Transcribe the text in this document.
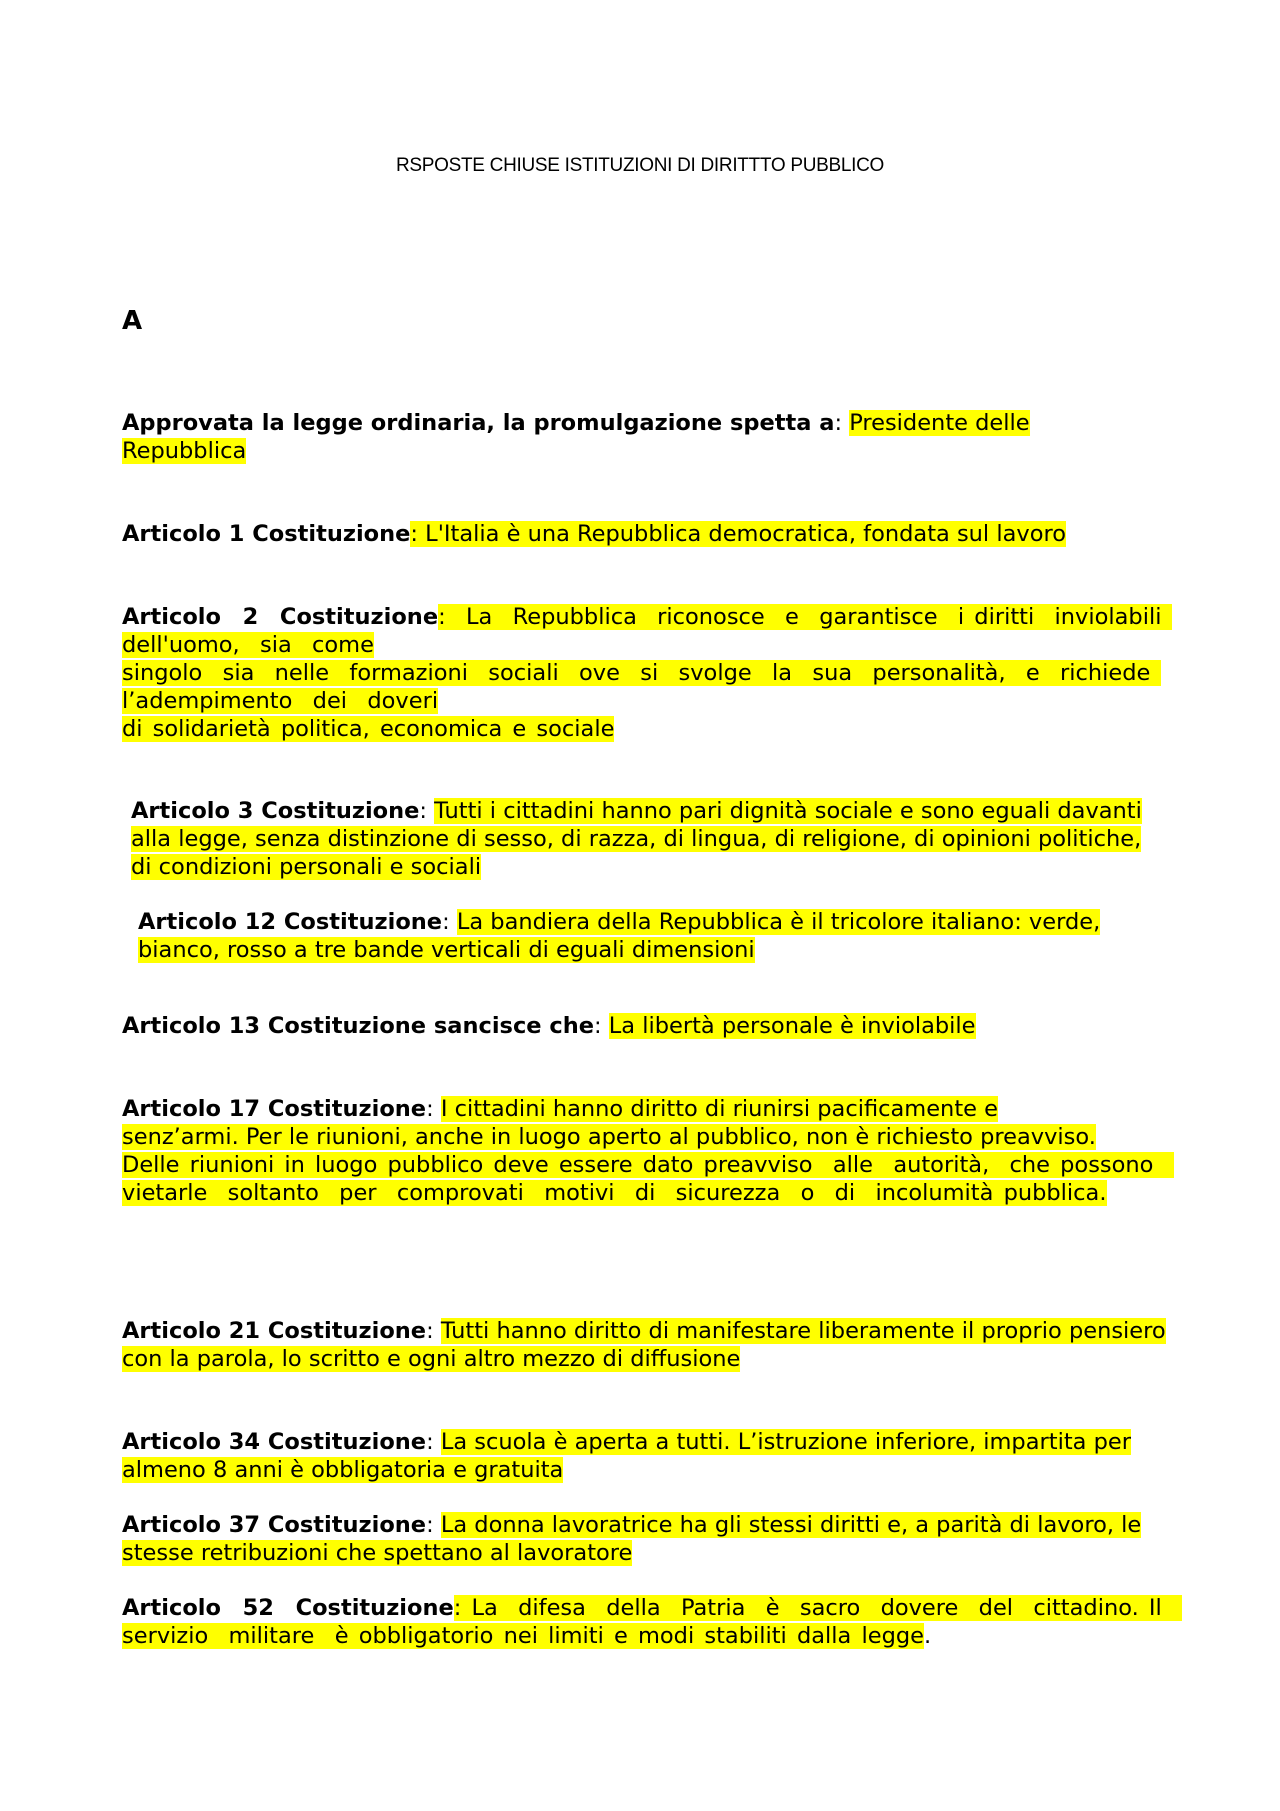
RSPOSTE CHIUSE ISTITUZIONI DI DIRITTTO PUBBLICO
A
Approvata la legge ordinaria, la promulgazione spetta a: Presidente delle
Repubblica
Articolo 1 Costituzione: L'Italia è una Repubblica democratica, fondata sul lavoro
Articolo  2  Costituzione:  La  Repubblica  riconosce  e  garantisce  i diritti  inviolabili dell'uomo,  sia  come
singolo  sia  nelle  formazioni  sociali  ove  si  svolge  la  sua  personalità,  e  richiede l’adempimento  dei  doveri
di solidarietà politica, economica e sociale
Articolo 3 Costituzione: Tutti i cittadini hanno pari dignità sociale e sono eguali davanti alla legge, senza distinzione di sesso, di razza, di lingua, di religione, di opinioni politiche, di condizioni personali e sociali
Articolo 12 Costituzione: La bandiera della Repubblica è il tricolore italiano: verde, bianco, rosso a tre bande verticali di eguali dimensioni
Articolo 13 Costituzione sancisce che: La libertà personale è inviolabile
Articolo 17 Costituzione: I cittadini hanno diritto di riunirsi pacificamente e
senz’armi. Per le riunioni, anche in luogo aperto al pubblico, non è richiesto preavviso.
Delle riunioni in luogo pubblico deve essere dato preavviso  alle  autorità,  che possono  vietarle  soltanto  per  comprovati  motivi  di  sicurezza  o  di  incolumità pubblica.
Articolo 21 Costituzione: Tutti hanno diritto di manifestare liberamente il proprio pensiero con la parola, lo scritto e ogni altro mezzo di diffusione
Articolo 34 Costituzione: La scuola è aperta a tutti. L’istruzione inferiore, impartita per almeno 8 anni è obbligatoria e gratuita
Articolo 37 Costituzione: La donna lavoratrice ha gli stessi diritti e, a parità di lavoro, le stesse retribuzioni che spettano al lavoratore
Articolo  52  Costituzione: La  difesa  della  Patria  è  sacro  dovere  del  cittadino. Il  servizio  militare  è obbligatorio nei limiti e modi stabiliti dalla legge.
